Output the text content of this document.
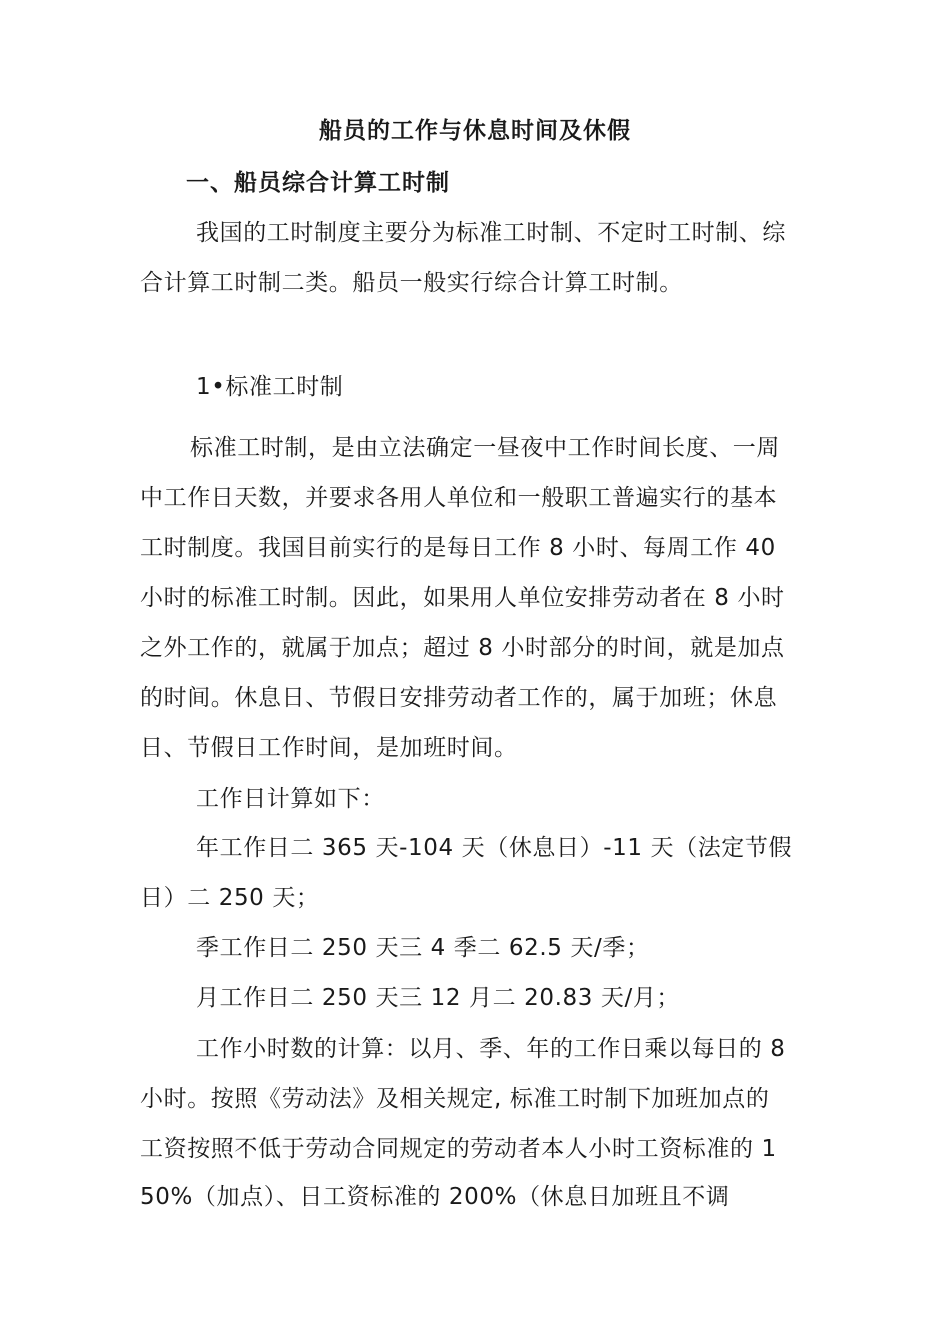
船员的工作与休息时间及休假
一、船员综合计算工时制
我国的工时制度主要分为标准工时制、不定时工时制、综
合计算工时制二类。船员一般实行综合计算工时制。
1•标准工时制
标准工时制，是由立法确定一昼夜中工作时间长度、一周
中工作日天数，并要求各用人单位和一般职工普遍实行的基本
工时制度。我国目前实行的是每日工作 8 小时、每周工作 40
小时的标准工时制。因此，如果用人单位安排劳动者在 8 小时
之外工作的，就属于加点；超过 8 小时部分的时间，就是加点
的时间。休息日、节假日安排劳动者工作的，属于加班；休息
日、节假日工作时间，是加班时间。
工作日计算如下：
年工作日二 365 天-104 天（休息日）-11 天（法定节假
日）二 250 天；
季工作日二 250 天三 4 季二 62.5 天/季；
月工作日二 250 天三 12 月二 20.83 天/月；
工作小时数的计算：以月、季、年的工作日乘以每日的 8
小时。按照《劳动法》及相关规定, 标准工时制下加班加点的
工资按照不低于劳动合同规定的劳动者本人小时工资标准的 1
50%（加点）、日工资标准的 200%（休息日加班且不调
